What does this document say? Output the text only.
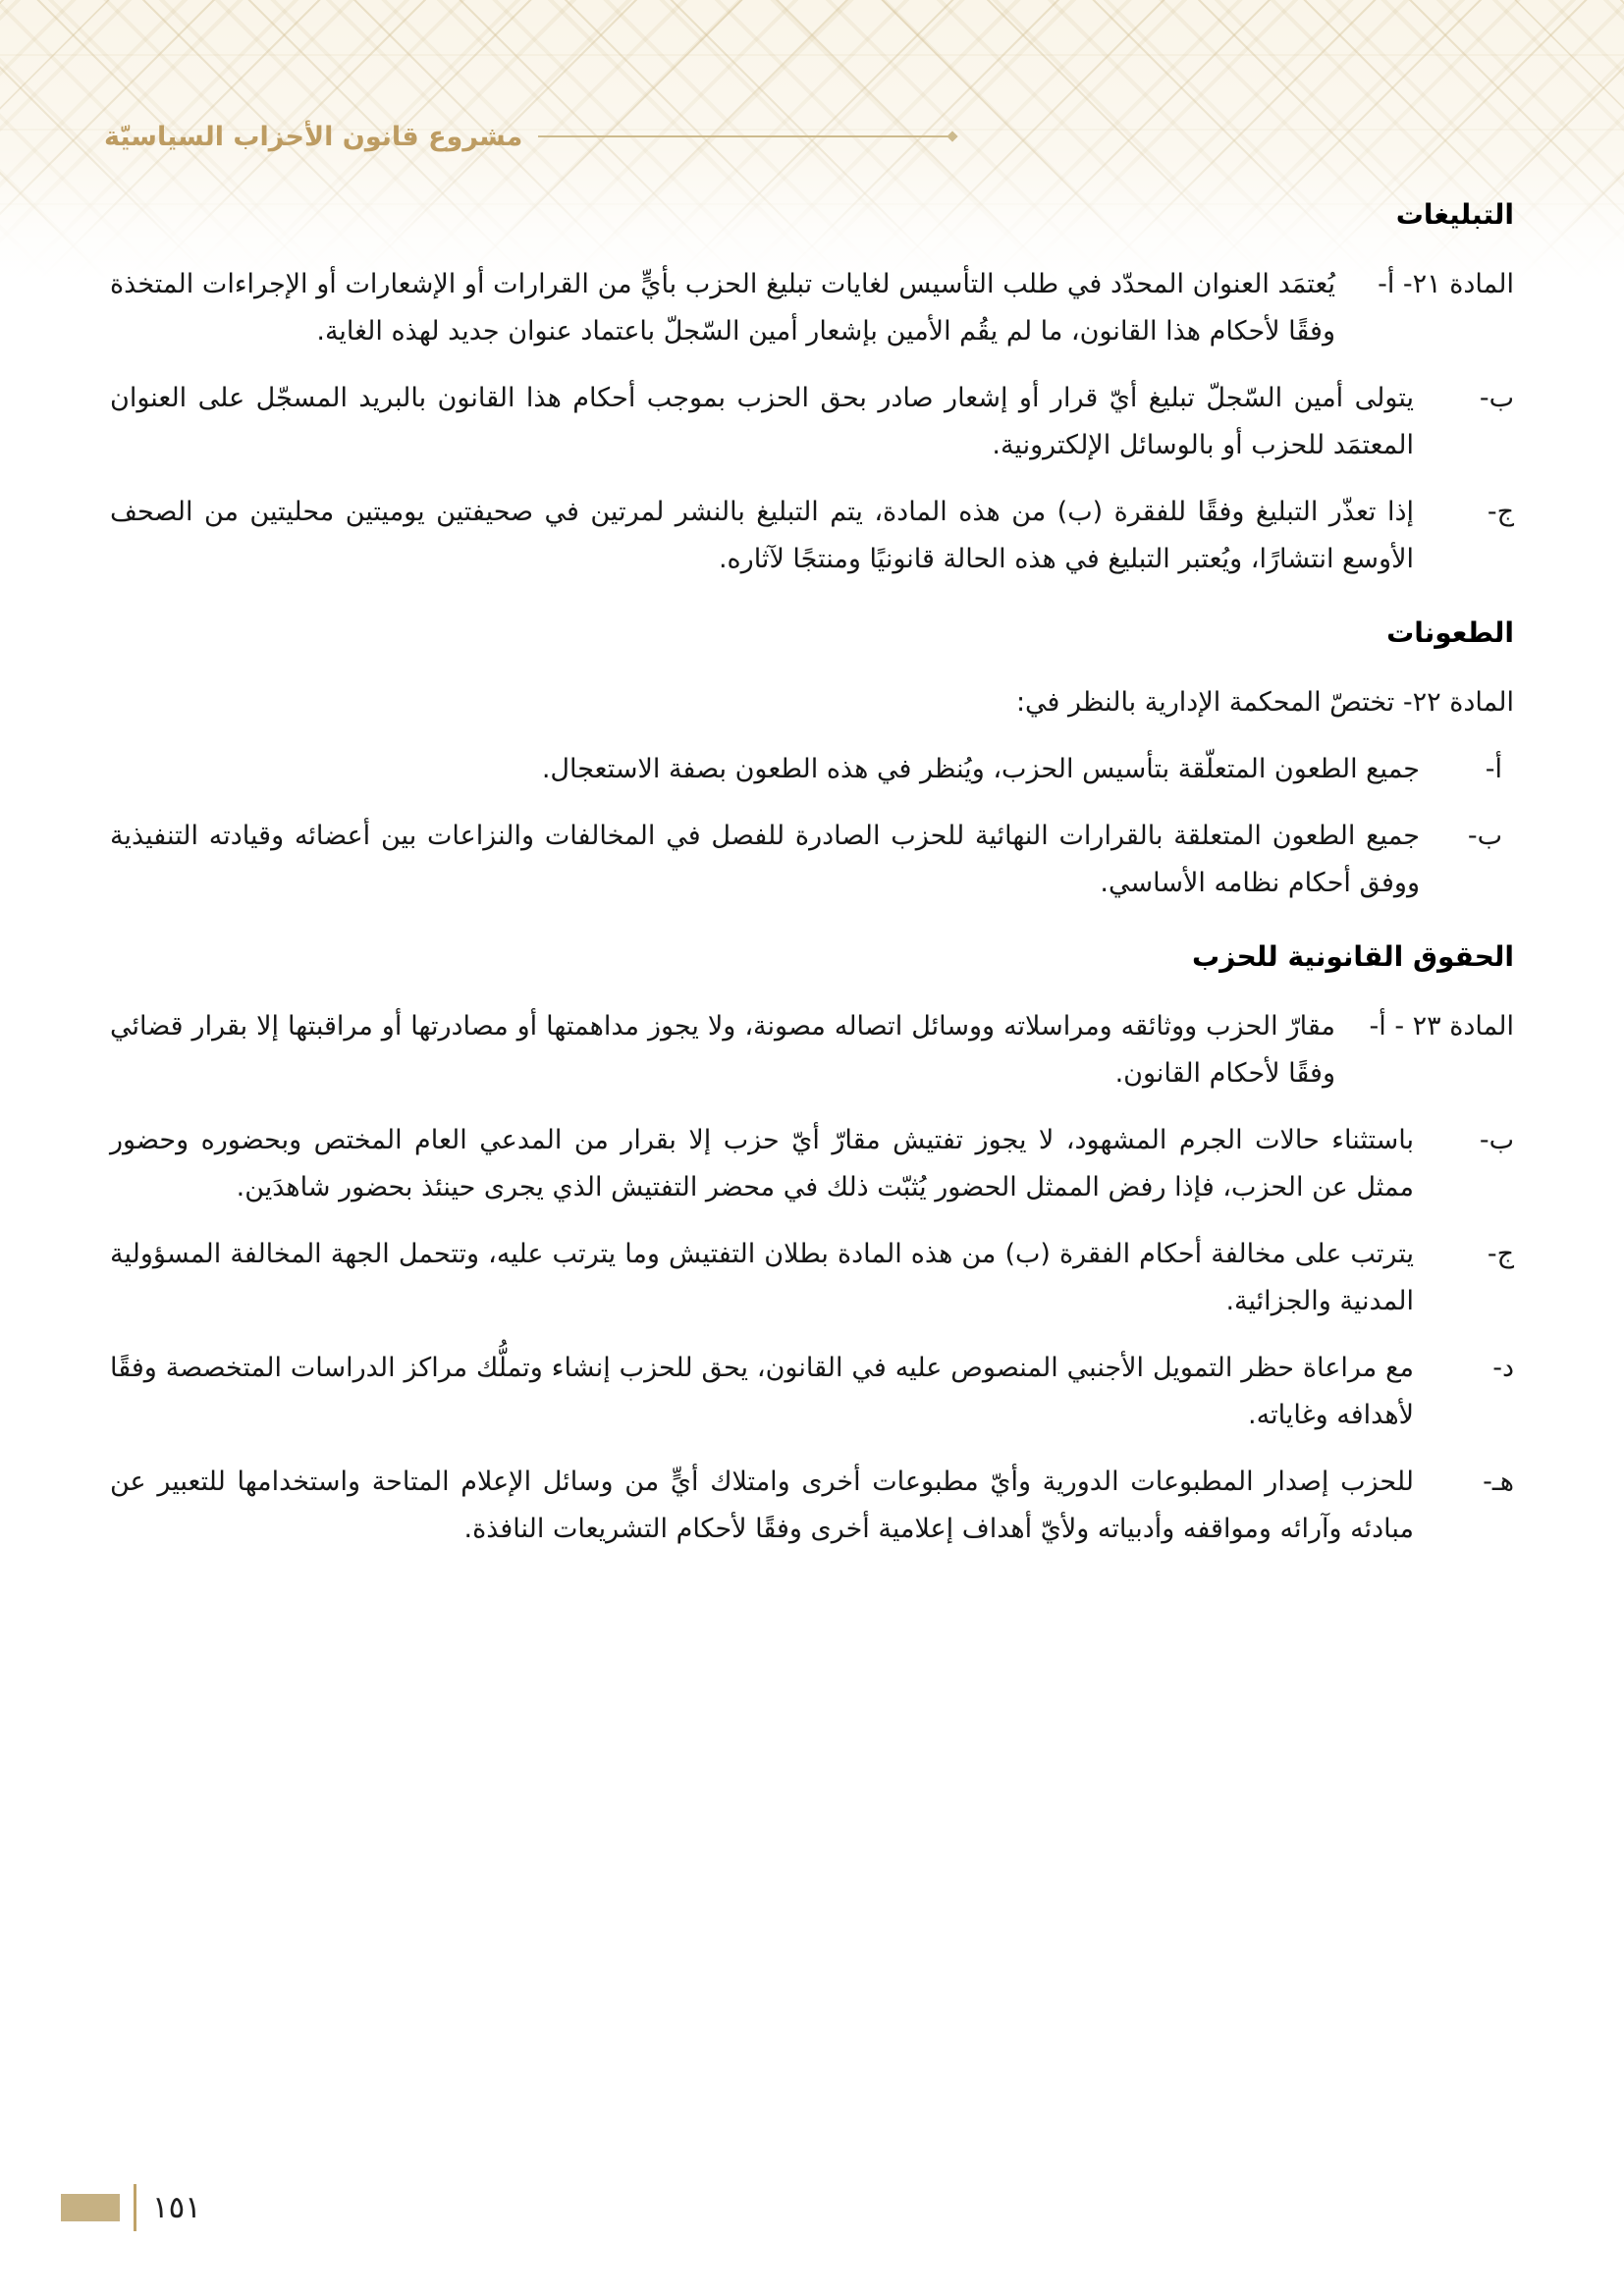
مشروع قانون الأحزاب السياسيّة
التبليغات
المادة ٢١- أ-

يُعتمَد العنوان المحدّد في طلب التأسيس لغايات تبليغ الحزب بأيٍّ من القرارات أو الإشعارات أو الإجراءات المتخذة وفقًا لأحكام هذا القانون، ما لم يقُم الأمين بإشعار أمين السّجلّ باعتماد عنوان جديد لهذه الغاية.

ب-

يتولى أمين السّجلّ تبليغ أيّ قرار أو إشعار صادر بحق الحزب بموجب أحكام هذا القانون بالبريد المسجّل على العنوان المعتمَد للحزب أو بالوسائل الإلكترونية.

ج-

إذا تعذّر التبليغ وفقًا للفقرة (ب) من هذه المادة، يتم التبليغ بالنشر لمرتين في صحيفتين يوميتين محليتين من الصحف الأوسع انتشارًا، ويُعتبر التبليغ في هذه الحالة قانونيًا ومنتجًا لآثاره.

الطعونات

المادة ٢٢- تختصّ المحكمة الإدارية بالنظر في:

أ-

جميع الطعون المتعلّقة بتأسيس الحزب، ويُنظر في هذه الطعون بصفة الاستعجال.

ب-

جميع الطعون المتعلقة بالقرارات النهائية للحزب الصادرة للفصل في المخالفات والنزاعات بين أعضائه وقيادته التنفيذية ووفق أحكام نظامه الأساسي.

الحقوق القانونية للحزب
المادة ٢٣ - أ-

مقارّ الحزب ووثائقه ومراسلاته ووسائل اتصاله مصونة، ولا يجوز مداهمتها أو مصادرتها أو مراقبتها إلا بقرار قضائي وفقًا لأحكام القانون.

ب-

باستثناء حالات الجرم المشهود، لا يجوز تفتيش مقارّ أيّ حزب إلا بقرار من المدعي العام المختص وبحضوره وحضور ممثل عن الحزب، فإذا رفض الممثل الحضور يُثبّت ذلك في محضر التفتيش الذي يجرى حينئذ بحضور شاهدَين.

ج-

يترتب على مخالفة أحكام الفقرة (ب) من هذه المادة بطلان التفتيش وما يترتب عليه، وتتحمل الجهة المخالفة المسؤولية المدنية والجزائية.

د-

مع مراعاة حظر التمويل الأجنبي المنصوص عليه في القانون، يحق للحزب إنشاء وتملُّك مراكز الدراسات المتخصصة وفقًا لأهدافه وغاياته.

هـ-

للحزب إصدار المطبوعات الدورية وأيّ مطبوعات أخرى وامتلاك أيٍّ من وسائل الإعلام المتاحة واستخدامها للتعبير عن مبادئه وآرائه ومواقفه وأدبياته ولأيّ أهداف إعلامية أخرى وفقًا لأحكام التشريعات النافذة.

١٥١
